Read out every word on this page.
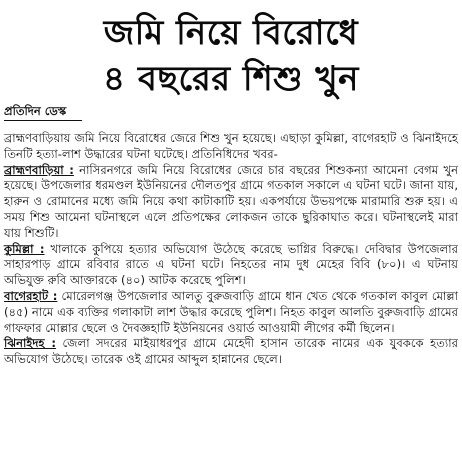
জমি নিয়ে বিরোধে
৪ বছরের শিশু খুন
প্রতিদিন ডেস্ক

ব্রাহ্মণবাড়িয়ায় জমি নিয়ে বিরোধের জেরে শিশু খুন হয়েছে। এছাড়া কুমিল্লা, বাগেরহাট ও ঝিনাইদহে তিনটি হত্যা-লাশ উদ্ধারের ঘটনা ঘটেছে। প্রতিনিধিদের খবর-

ব্রাহ্মণবাড়িয়া : নাসিরনগরে জমি নিয়ে বিরোধের জেরে চার বছরের শিশুকন্যা আমেনা বেগম খুন হয়েছে। উপজেলার ধরমণ্ডল ইউনিয়নের দৌলতপুর গ্রামে গতকাল সকালে এ ঘটনা ঘটে। জানা যায়, হারুন ও রোমানের মধ্যে জমি নিয়ে কথা কাটাকাটি হয়। একপর্যায়ে উভয়পক্ষে মারামারি শুরু হয়। এ সময় শিশু আমেনা ঘটনাস্থলে এলে প্রতিপক্ষের লোকজন তাকে ছুরিকাঘাত করে। ঘটনাস্থলেই মারা যায় শিশুটি।

কুমিল্লা : খালাকে কুপিয়ে হত্যার অভিযোগ উঠেছে করেছে ভাগ্নির বিরুদ্ধে। দেবিদ্বার উপজেলার সাহারপাড় গ্রামে রবিবার রাতে এ ঘটনা ঘটে। নিহতের নাম দুধ মেহের বিবি (৮০)। এ ঘটনায় অভিযুক্ত রুবি আক্তারকে (৪০) আটক করেছে পুলিশ।

বাগেরহাট : মোরেলগঞ্জ উপজেলার আলতু বুরুজবাড়ি গ্রামে ধান খেত থেকে গতকাল কাবুল মোল্লা (৪৫) নামে এক ব্যক্তির গলাকাটা লাশ উদ্ধার করেছে পুলিশ। নিহত কাবুল আলতি বুরুজবাড়ি গ্রামের গাফফার মোল্লার ছেলে ও দৈবজ্ঞহাটি ইউনিয়নের ওয়ার্ড আওয়ামী লীগের কর্মী ছিলেন।

ঝিনাইদহ : জেলা সদরের মাইয়াধরপুর গ্রামে মেহেদী হাসান তারেক নামের এক যুবককে হত্যার অভিযোগ উঠেছে। তারেক ওই গ্রামের আব্দুল হান্নানের ছেলে।
